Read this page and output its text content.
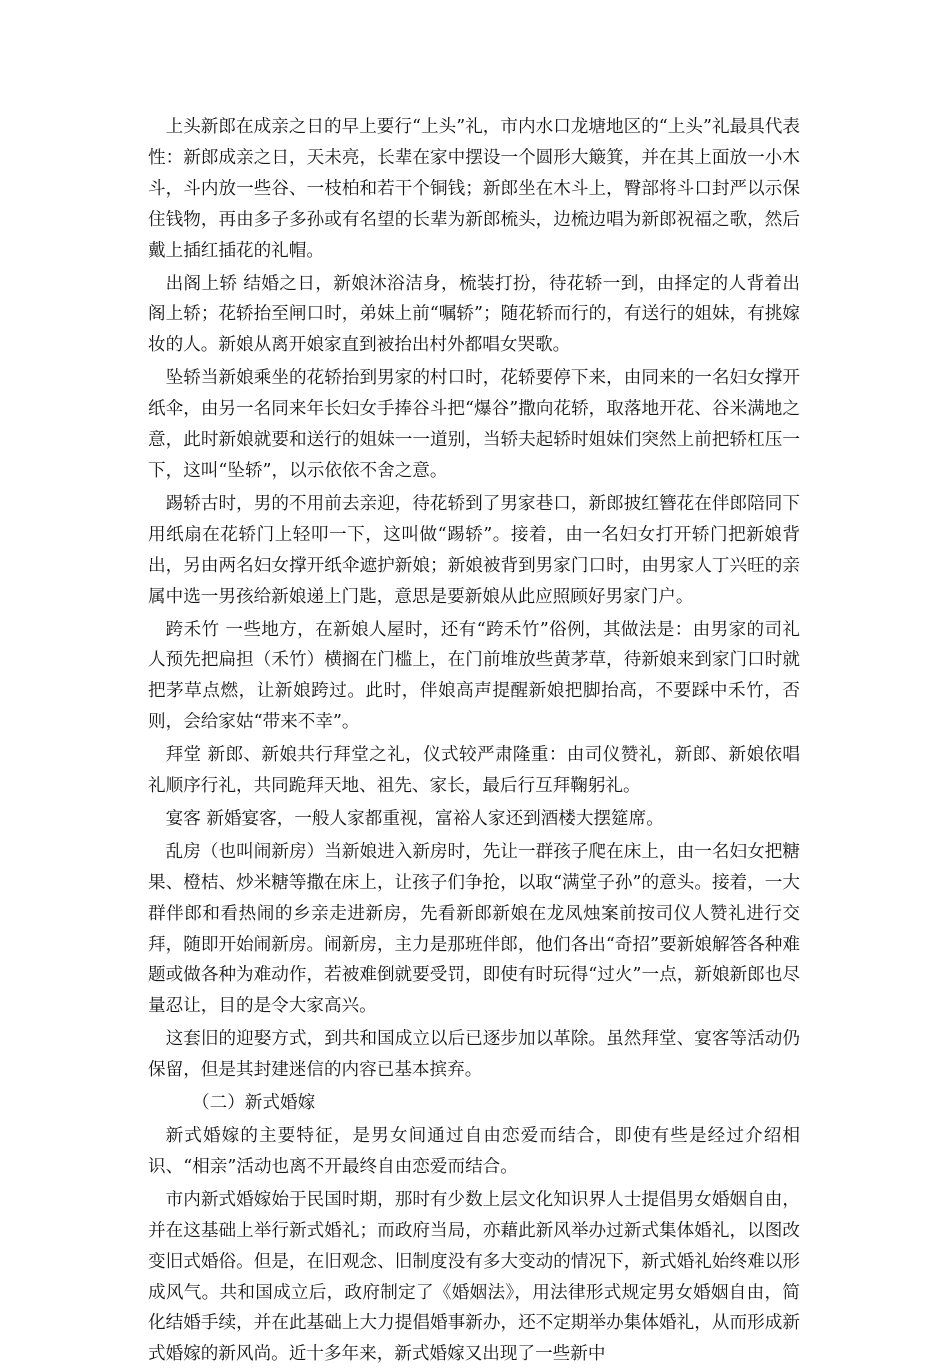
上头新郎在成亲之日的早上要行“上头”礼，市内水口龙塘地区的“上头”礼最具代表性：新郎成亲之日，天未亮，长辈在家中摆设一个圆形大簸箕，并在其上面放一小木斗，斗内放一些谷、一枝柏和若干个铜钱；新郎坐在木斗上，臀部将斗口封严以示保住钱物，再由多子多孙或有名望的长辈为新郎梳头，边梳边唱为新郎祝福之歌，然后戴上插红插花的礼帽。

出阁上轿 结婚之日，新娘沐浴洁身，梳装打扮，待花轿一到，由择定的人背着出阁上轿；花轿抬至闸口时，弟妹上前“嘱轿”；随花轿而行的，有送行的姐妹，有挑嫁妆的人。新娘从离开娘家直到被抬出村外都唱女哭歌。

坠轿当新娘乘坐的花轿抬到男家的村口时，花轿要停下来，由同来的一名妇女撑开纸伞，由另一名同来年长妇女手捧谷斗把“爆谷”撒向花轿，取落地开花、谷米满地之意，此时新娘就要和送行的姐妹一一道别，当轿夫起轿时姐妹们突然上前把轿杠压一下，这叫“坠轿”，以示依依不舍之意。

踢轿古时，男的不用前去亲迎，待花轿到了男家巷口，新郎披红簪花在伴郎陪同下用纸扇在花轿门上轻叩一下，这叫做“踢轿”。接着，由一名妇女打开轿门把新娘背出，另由两名妇女撑开纸伞遮护新娘；新娘被背到男家门口时，由男家人丁兴旺的亲属中选一男孩给新娘递上门匙，意思是要新娘从此应照顾好男家门户。

跨禾竹 一些地方，在新娘人屋时，还有“跨禾竹”俗例，其做法是：由男家的司礼人预先把扁担（禾竹）横搁在门槛上，在门前堆放些黄茅草，待新娘来到家门口时就把茅草点燃，让新娘跨过。此时，伴娘高声提醒新娘把脚抬高，不要踩中禾竹，否则，会给家姑“带来不幸”。

拜堂 新郎、新娘共行拜堂之礼，仪式较严肃隆重：由司仪赞礼，新郎、新娘依唱礼顺序行礼，共同跪拜天地、祖先、家长，最后行互拜鞠躬礼。

宴客 新婚宴客，一般人家都重视，富裕人家还到酒楼大摆筵席。

乱房（也叫闹新房）当新娘进入新房时，先让一群孩子爬在床上，由一名妇女把糖果、橙桔、炒米糖等撒在床上，让孩子们争抢，以取“满堂子孙”的意头。接着，一大群伴郎和看热闹的乡亲走进新房，先看新郎新娘在龙凤烛案前按司仪人赞礼进行交拜，随即开始闹新房。闹新房，主力是那班伴郎，他们各出“奇招”要新娘解答各种难题或做各种为难动作，若被难倒就要受罚，即使有时玩得“过火”一点，新娘新郎也尽量忍让，目的是令大家高兴。

这套旧的迎娶方式，到共和国成立以后已逐步加以革除。虽然拜堂、宴客等活动仍保留，但是其封建迷信的内容已基本摈弃。

（二）新式婚嫁

新式婚嫁的主要特征，是男女间通过自由恋爱而结合，即使有些是经过介绍相识、“相亲”活动也离不开最终自由恋爱而结合。

市内新式婚嫁始于民国时期，那时有少数上层文化知识界人士提倡男女婚姻自由，并在这基础上举行新式婚礼；而政府当局，亦藉此新风举办过新式集体婚礼，以图改变旧式婚俗。但是，在旧观念、旧制度没有多大变动的情况下，新式婚礼始终难以形成风气。共和国成立后，政府制定了《婚姻法》，用法律形式规定男女婚姻自由，简化结婚手续，并在此基础上大力提倡婚事新办，还不定期举办集体婚礼，从而形成新式婚嫁的新风尚。近十多年来，新式婚嫁又出现了一些新中
